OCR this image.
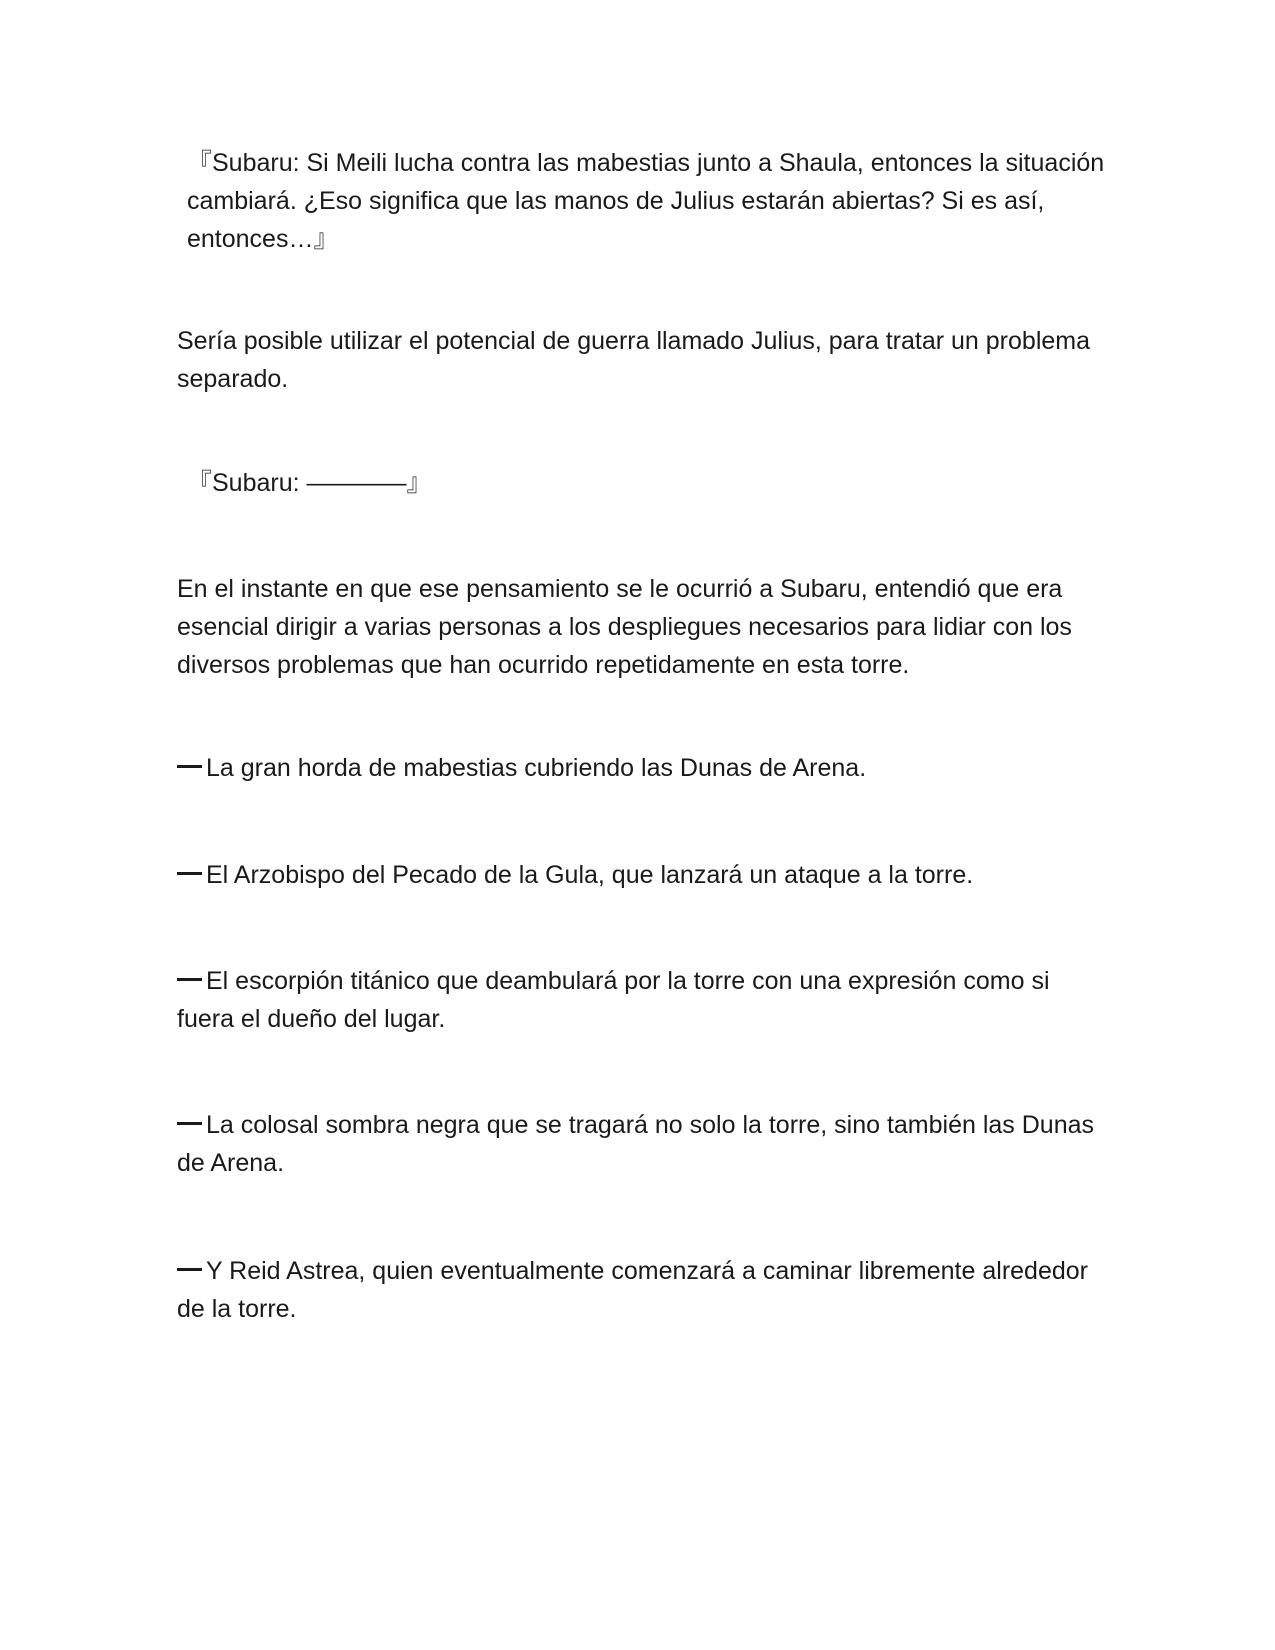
『Subaru: Si Meili lucha contra las mabestias junto a Shaula, entonces la situación cambiará. ¿Eso significa que las manos de Julius estarán abiertas? Si es así, entonces…』

Sería posible utilizar el potencial de guerra llamado Julius, para tratar un problema separado.

『Subaru: ————』

En el instante en que ese pensamiento se le ocurrió a Subaru, entendió que era esencial dirigir a varias personas a los despliegues necesarios para lidiar con los diversos problemas que han ocurrido repetidamente en esta torre.

La gran horda de mabestias cubriendo las Dunas de Arena.

El Arzobispo del Pecado de la Gula, que lanzará un ataque a la torre.

El escorpión titánico que deambulará por la torre con una expresión como si fuera el dueño del lugar.

La colosal sombra negra que se tragará no solo la torre, sino también las Dunas de Arena.

Y Reid Astrea, quien eventualmente comenzará a caminar libremente alrededor de la torre.
